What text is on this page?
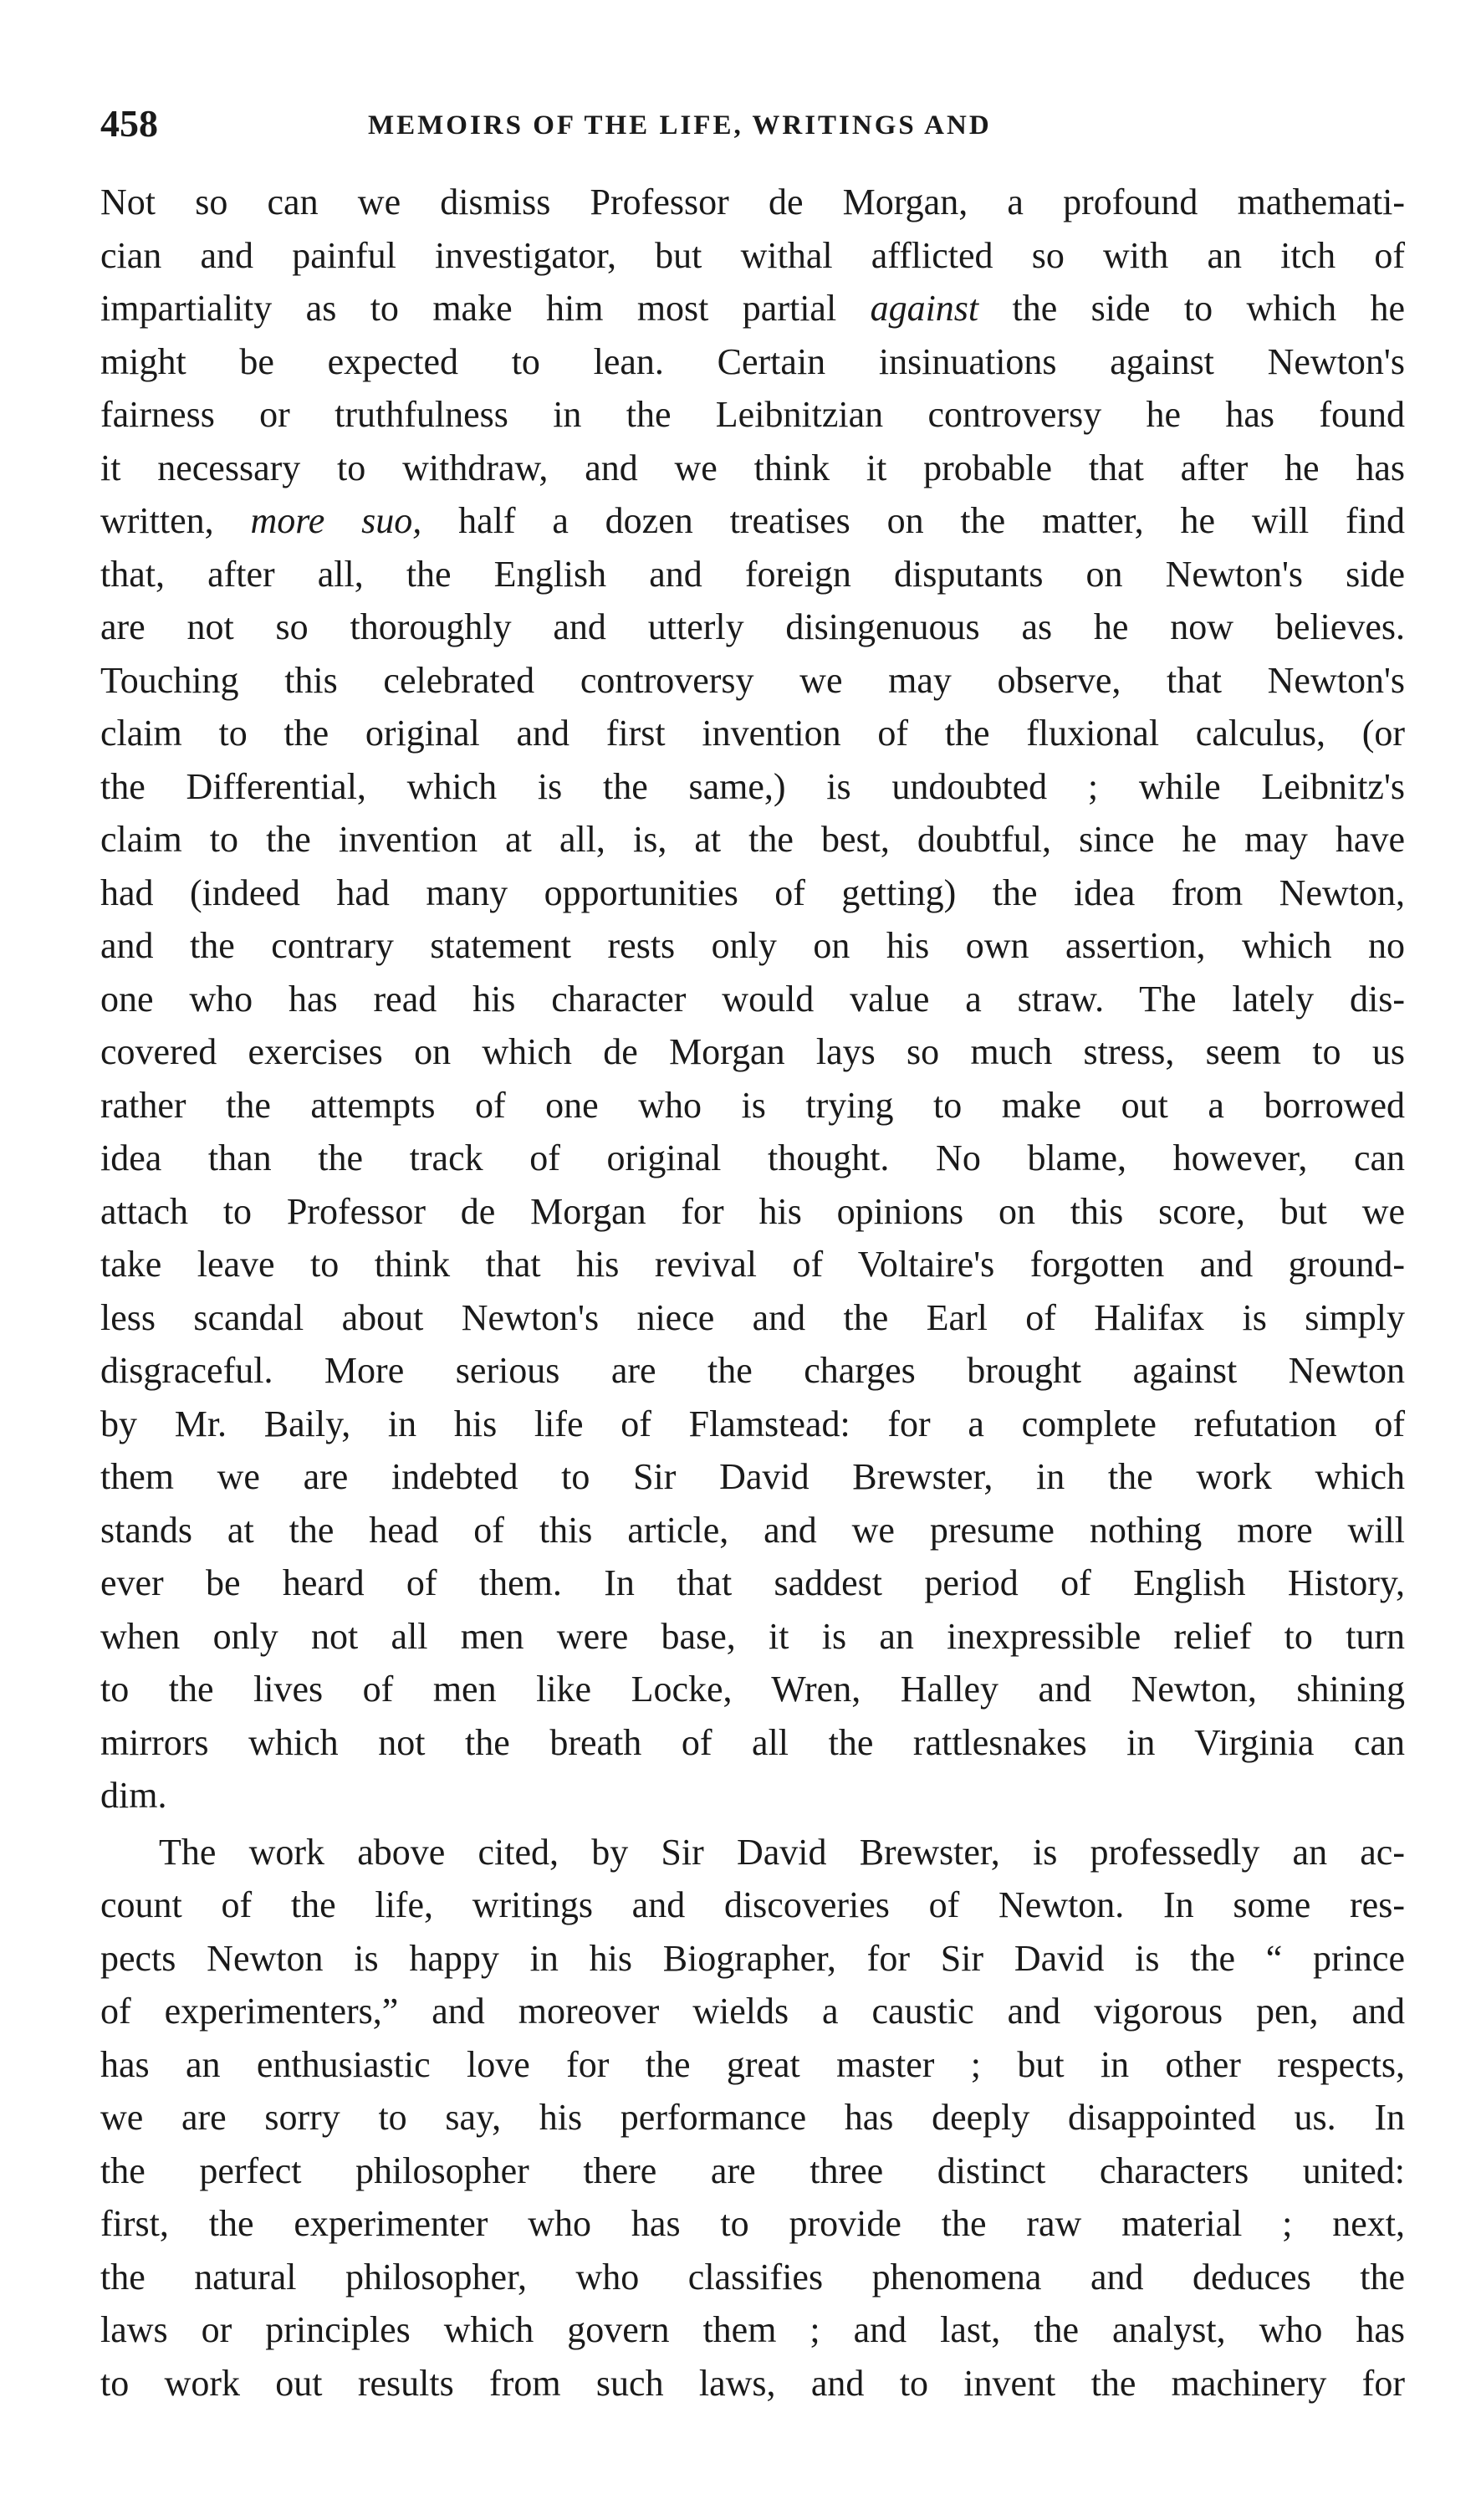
458	MEMOIRS OF THE LIFE, WRITINGS AND
Not so can we dismiss Professor de Morgan, a profound mathemati-
cian and painful investigator, but withal afflicted so with an itch of
impartiality as to make him most partial against the side to which he
might be expected to lean. Certain insinuations against Newton's
fairness or truthfulness in the Leibnitzian controversy he has found
it necessary to withdraw, and we think it probable that after he has
written, more suo, half a dozen treatises on the matter, he will find
that, after all, the English and foreign disputants on Newton's side
are not so thoroughly and utterly disingenuous as he now believes.
Touching this celebrated controversy we may observe, that Newton's
claim to the original and first invention of the fluxional calculus, (or
the Differential, which is the same,) is undoubted ; while Leibnitz's
claim to the invention at all, is, at the best, doubtful, since he may have
had (indeed had many opportunities of getting) the idea from Newton,
and the contrary statement rests only on his own assertion, which no
one who has read his character would value a straw. The lately dis-
covered exercises on which de Morgan lays so much stress, seem to us
rather the attempts of one who is trying to make out a borrowed
idea than the track of original thought. No blame, however, can
attach to Professor de Morgan for his opinions on this score, but we
take leave to think that his revival of Voltaire's forgotten and ground-
less scandal about Newton's niece and the Earl of Halifax is simply
disgraceful. More serious are the charges brought against Newton
by Mr. Baily, in his life of Flamstead: for a complete refutation of
them we are indebted to Sir David Brewster, in the work which
stands at the head of this article, and we presume nothing more will
ever be heard of them. In that saddest period of English History,
when only not all men were base, it is an inexpressible relief to turn
to the lives of men like Locke, Wren, Halley and Newton, shining
mirrors which not the breath of all the rattlesnakes in Virginia can
dim.
The work above cited, by Sir David Brewster, is professedly an ac-
count of the life, writings and discoveries of Newton. In some res-
pects Newton is happy in his Biographer, for Sir David is the “ prince
of experimenters,” and moreover wields a caustic and vigorous pen, and
has an enthusiastic love for the great master ; but in other respects,
we are sorry to say, his performance has deeply disappointed us. In
the perfect philosopher there are three distinct characters united:
first, the experimenter who has to provide the raw material ; next,
the natural philosopher, who classifies phenomena and deduces the
laws or principles which govern them ; and last, the analyst, who has
to work out results from such laws, and to invent the machinery for
